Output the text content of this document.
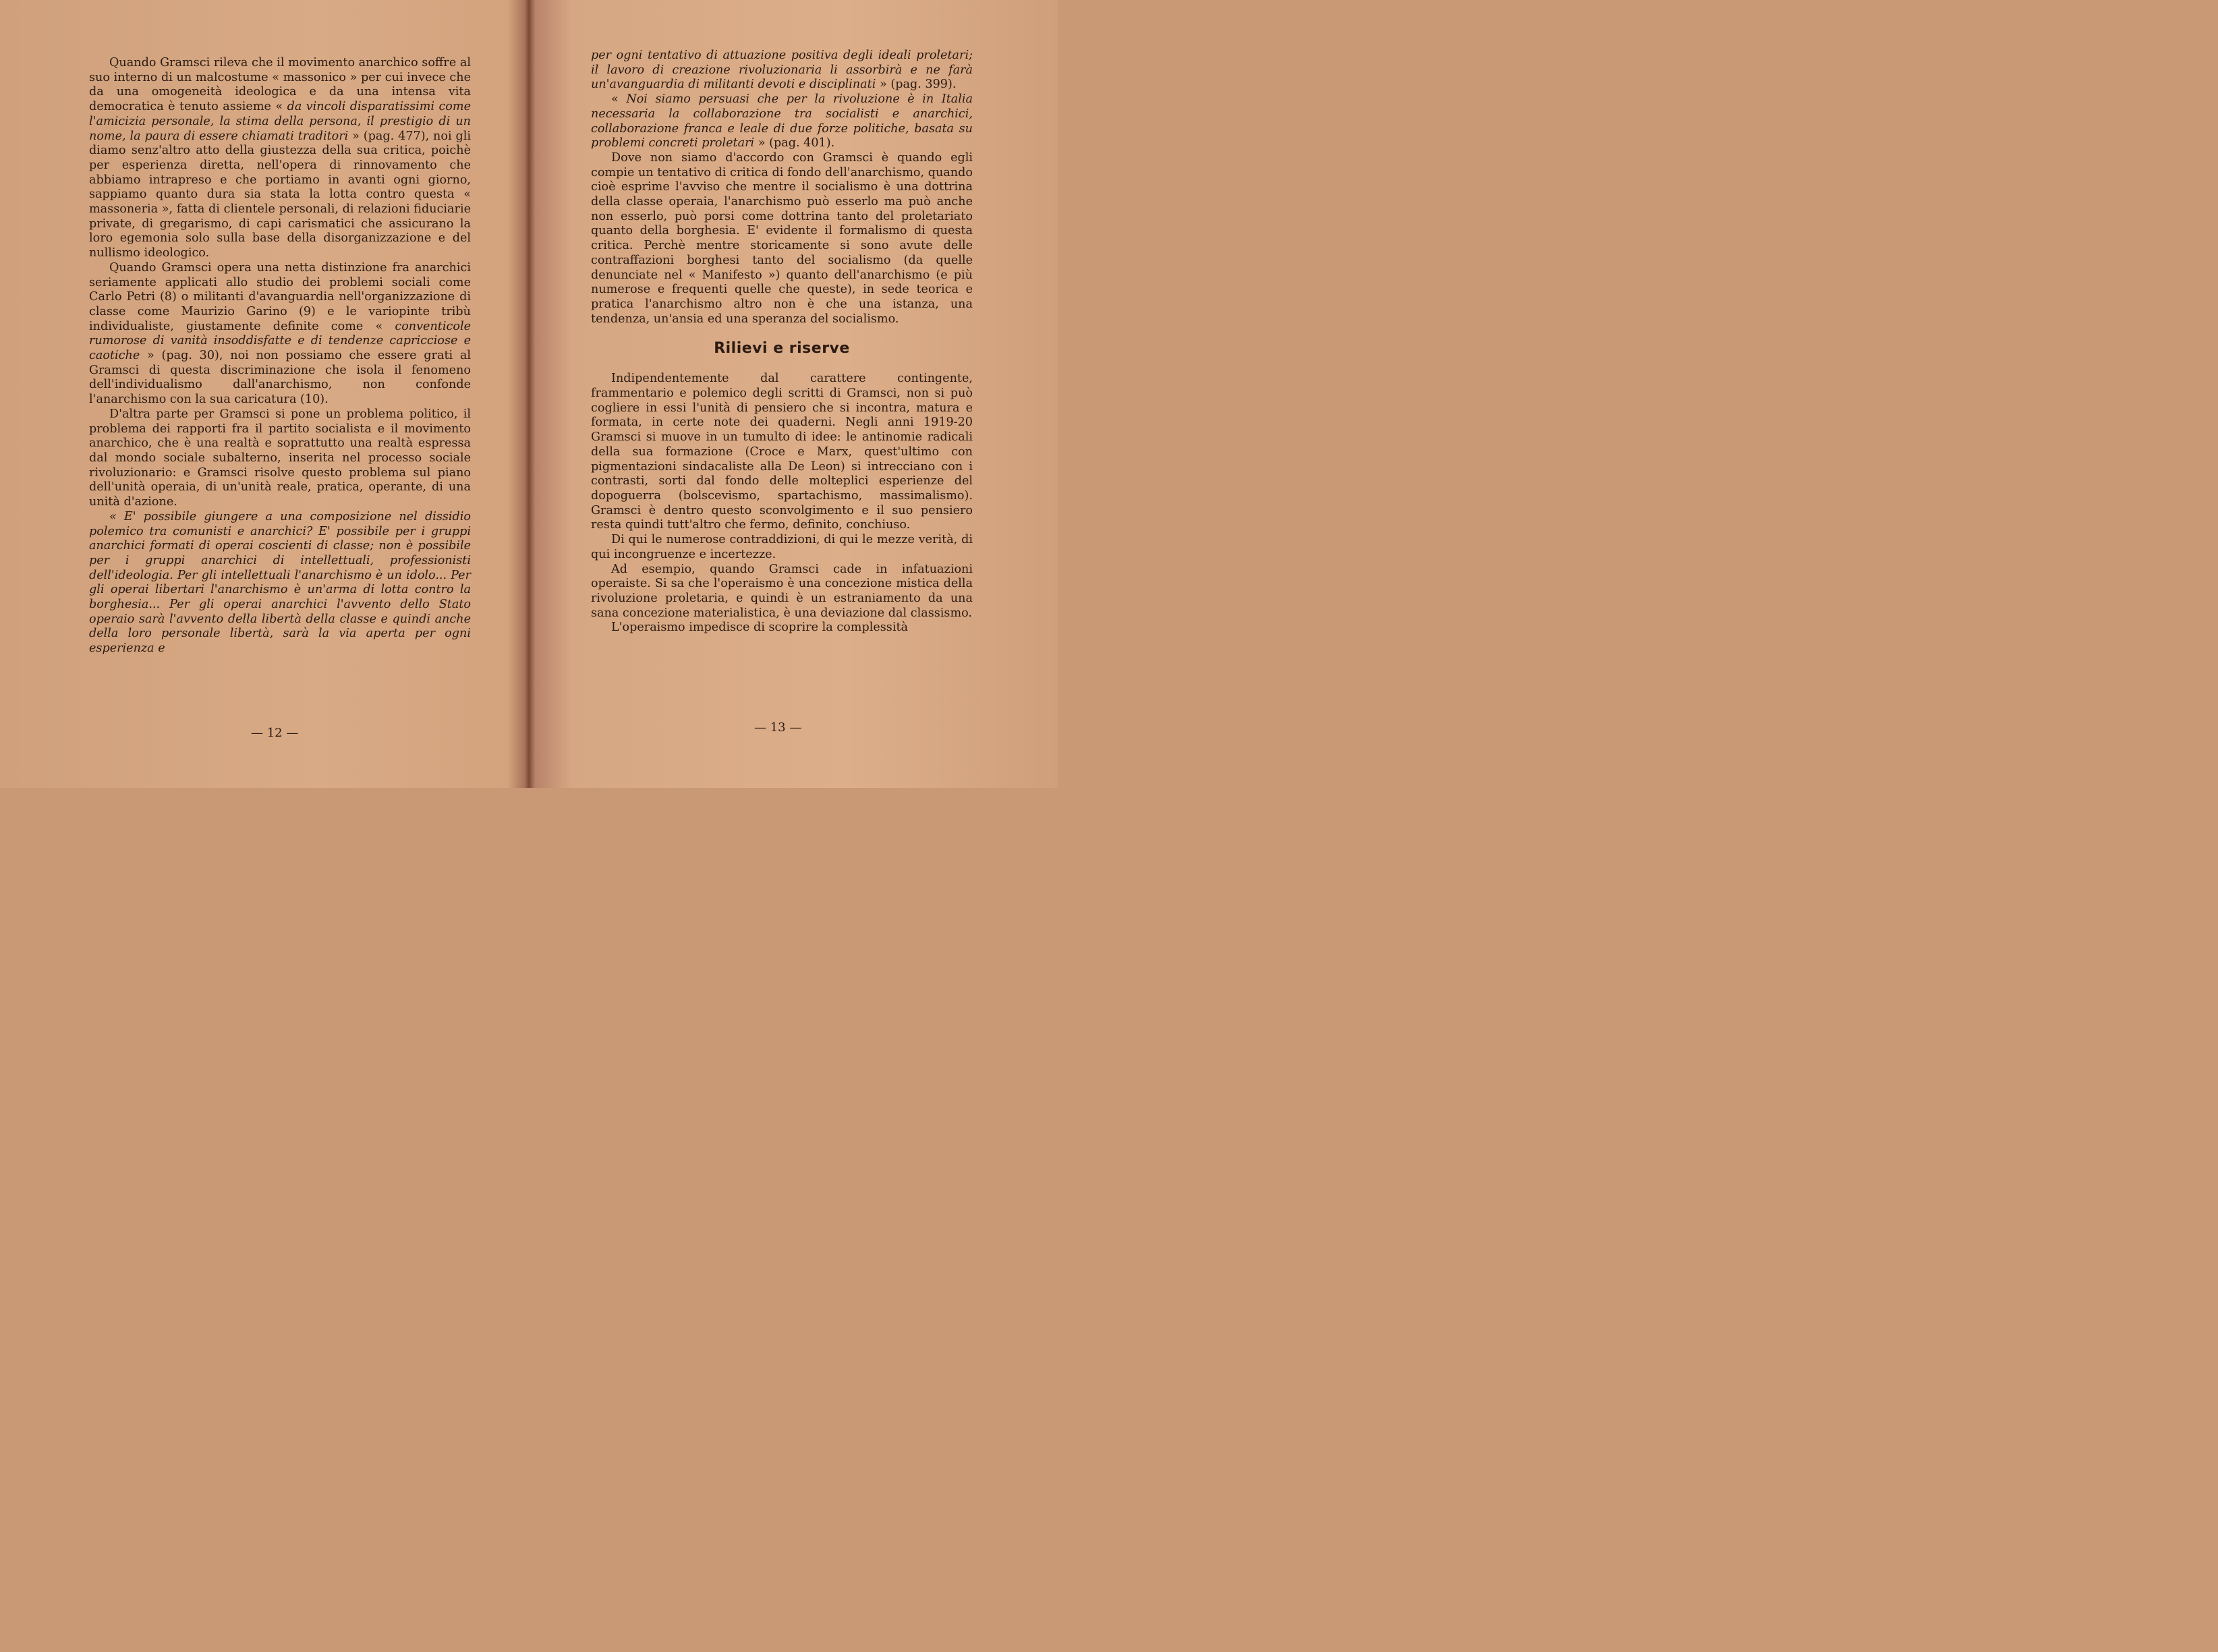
Quando Gramsci rileva che il movimento anarchico soffre al suo interno di un malcostume « massonico » per cui invece che da una omogeneità ideologica e da una intensa vita democratica è tenuto assieme « da vincoli disparatissimi come l'amicizia personale, la stima della persona, il prestigio di un nome, la paura di essere chiamati traditori » (pag. 477), noi gli diamo senz'altro atto della giustezza della sua critica, poichè per esperienza diretta, nell'opera di rinnovamento che abbiamo intrapreso e che portiamo in avanti ogni giorno, sappiamo quanto dura sia stata la lotta contro questa « massoneria », fatta di clientele personali, di relazioni fiduciarie private, di gregarismo, di capi carismatici che assicurano la loro egemonia solo sulla base della disorganizzazione e del nullismo ideologico.

Quando Gramsci opera una netta distinzione fra anarchici seriamente applicati allo studio dei problemi sociali come Carlo Petri (8) o militanti d'avanguardia nell'organizzazione di classe come Maurizio Garino (9) e le variopinte tribù individualiste, giustamente definite come « conventicole rumorose di vanità insoddisfatte e di tendenze capricciose e caotiche » (pag. 30), noi non possiamo che essere grati al Gramsci di questa discriminazione che isola il fenomeno dell'individualismo dall'anarchismo, non confonde l'anarchismo con la sua caricatura (10).

D'altra parte per Gramsci si pone un problema politico, il problema dei rapporti fra il partito socialista e il movimento anarchico, che è una realtà e soprattutto una realtà espressa dal mondo sociale subalterno, inserita nel processo sociale rivoluzionario: e Gramsci risolve questo problema sul piano dell'unità operaia, di un'unità reale, pratica, operante, di una unità d'azione.

« E' possibile giungere a una composizione nel dissidio polemico tra comunisti e anarchici? E' possibile per i gruppi anarchici formati di operai coscienti di classe; non è possibile per i gruppi anarchici di intellettuali, professionisti dell'ideologia. Per gli intellettuali l'anarchismo è un idolo... Per gli operai libertari l'anarchismo è un'arma di lotta contro la borghesia... Per gli operai anarchici l'avvento dello Stato operaio sarà l'avvento della libertà della classe e quindi anche della loro personale libertà, sarà la via aperta per ogni esperienza e

— 12 —

per ogni tentativo di attuazione positiva degli ideali proletari; il lavoro di creazione rivoluzionaria li assorbirà e ne farà un'avanguardia di militanti devoti e disciplinati » (pag. 399).

« Noi siamo persuasi che per la rivoluzione è in Italia necessaria la collaborazione tra socialisti e anarchici, collaborazione franca e leale di due forze politiche, basata su problemi concreti proletari » (pag. 401).

Dove non siamo d'accordo con Gramsci è quando egli compie un tentativo di critica di fondo dell'anarchismo, quando cioè esprime l'avviso che mentre il socialismo è una dottrina della classe operaia, l'anarchismo può esserlo ma può anche non esserlo, può porsi come dottrina tanto del proletariato quanto della borghesia. E' evidente il formalismo di questa critica. Perchè mentre storicamente si sono avute delle contraffazioni borghesi tanto del socialismo (da quelle denunciate nel « Manifesto ») quanto dell'anarchismo (e più numerose e frequenti quelle che queste), in sede teorica e pratica l'anarchismo altro non è che una istanza, una tendenza, un'ansia ed una speranza del socialismo.

Rilievi e riserve

Indipendentemente dal carattere contingente, frammentario e polemico degli scritti di Gramsci, non si può cogliere in essi l'unità di pensiero che si incontra, matura e formata, in certe note dei quaderni. Negli anni 1919-20 Gramsci si muove in un tumulto di idee: le antinomie radicali della sua formazione (Croce e Marx, quest'ultimo con pigmentazioni sindacaliste alla De Leon) si intrecciano con i contrasti, sorti dal fondo delle molteplici esperienze del dopoguerra (bolscevismo, spartachismo, massimalismo). Gramsci è dentro questo sconvolgimento e il suo pensiero resta quindi tutt'altro che fermo, definito, conchiuso.

Di qui le numerose contraddizioni, di qui le mezze verità, di qui incongruenze e incertezze.

Ad esempio, quando Gramsci cade in infatuazioni operaiste. Si sa che l'operaismo è una concezione mistica della rivoluzione proletaria, e quindi è un estraniamento da una sana concezione materialistica, è una deviazione dal classismo.

L'operaismo impedisce di scoprire la complessità

— 13 —
